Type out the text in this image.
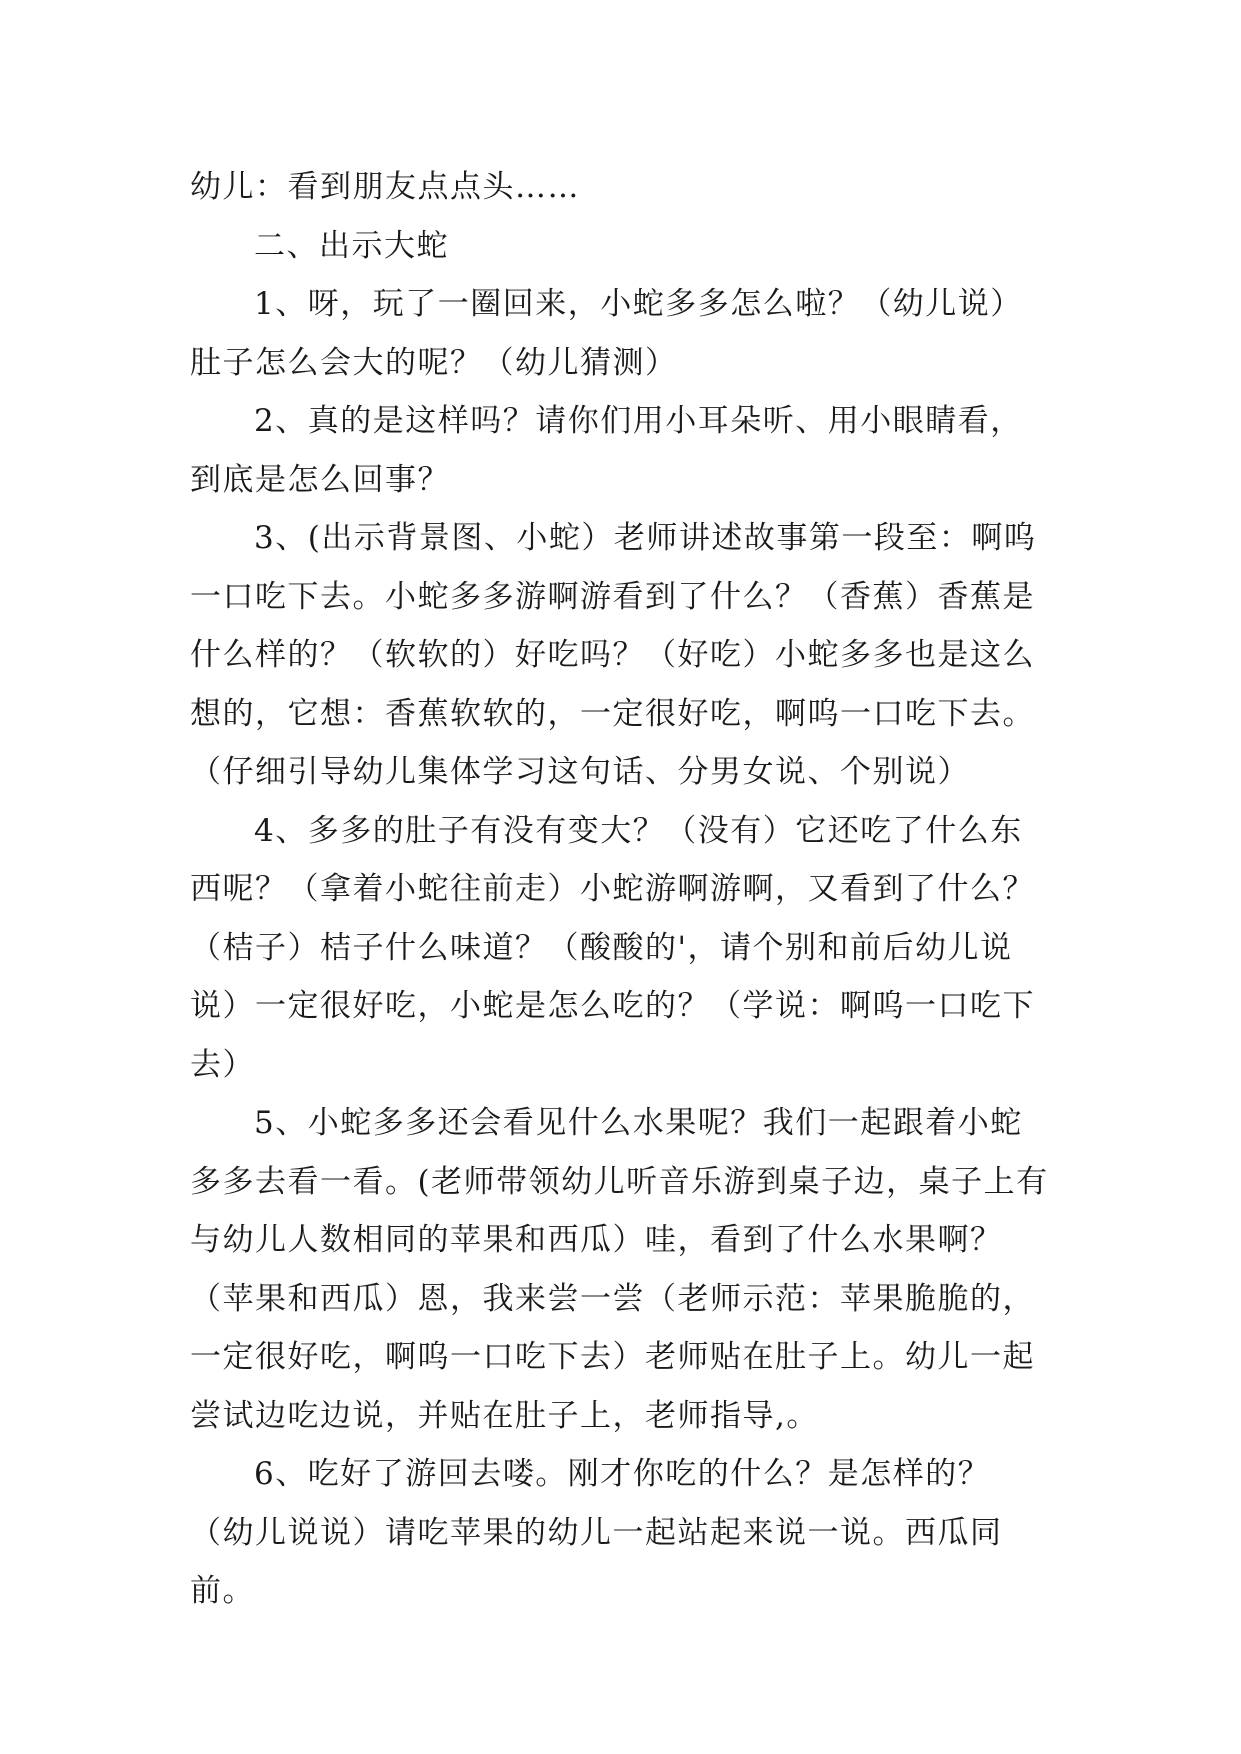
幼儿：看到朋友点点头……

二、出示大蛇

1、呀，玩了一圈回来，小蛇多多怎么啦？（幼儿说）肚子怎么会大的呢？（幼儿猜测）

2、真的是这样吗？请你们用小耳朵听、用小眼睛看，到底是怎么回事？

3、(出示背景图、小蛇）老师讲述故事第一段至：啊呜一口吃下去。小蛇多多游啊游看到了什么？（香蕉）香蕉是什么样的？（软软的）好吃吗？（好吃）小蛇多多也是这么想的，它想：香蕉软软的，一定很好吃，啊呜一口吃下去。（仔细引导幼儿集体学习这句话、分男女说、个别说）

4、多多的肚子有没有变大？（没有）它还吃了什么东西呢？（拿着小蛇往前走）小蛇游啊游啊，又看到了什么？（桔子）桔子什么味道？（酸酸的'，请个别和前后幼儿说说）一定很好吃，小蛇是怎么吃的？（学说：啊呜一口吃下去）

5、小蛇多多还会看见什么水果呢？我们一起跟着小蛇多多去看一看。(老师带领幼儿听音乐游到桌子边，桌子上有与幼儿人数相同的苹果和西瓜）哇，看到了什么水果啊？（苹果和西瓜）恩，我来尝一尝（老师示范：苹果脆脆的，一定很好吃，啊呜一口吃下去）老师贴在肚子上。幼儿一起尝试边吃边说，并贴在肚子上，老师指导,。

6、吃好了游回去喽。刚才你吃的什么？是怎样的？（幼儿说说）请吃苹果的幼儿一起站起来说一说。西瓜同前。
